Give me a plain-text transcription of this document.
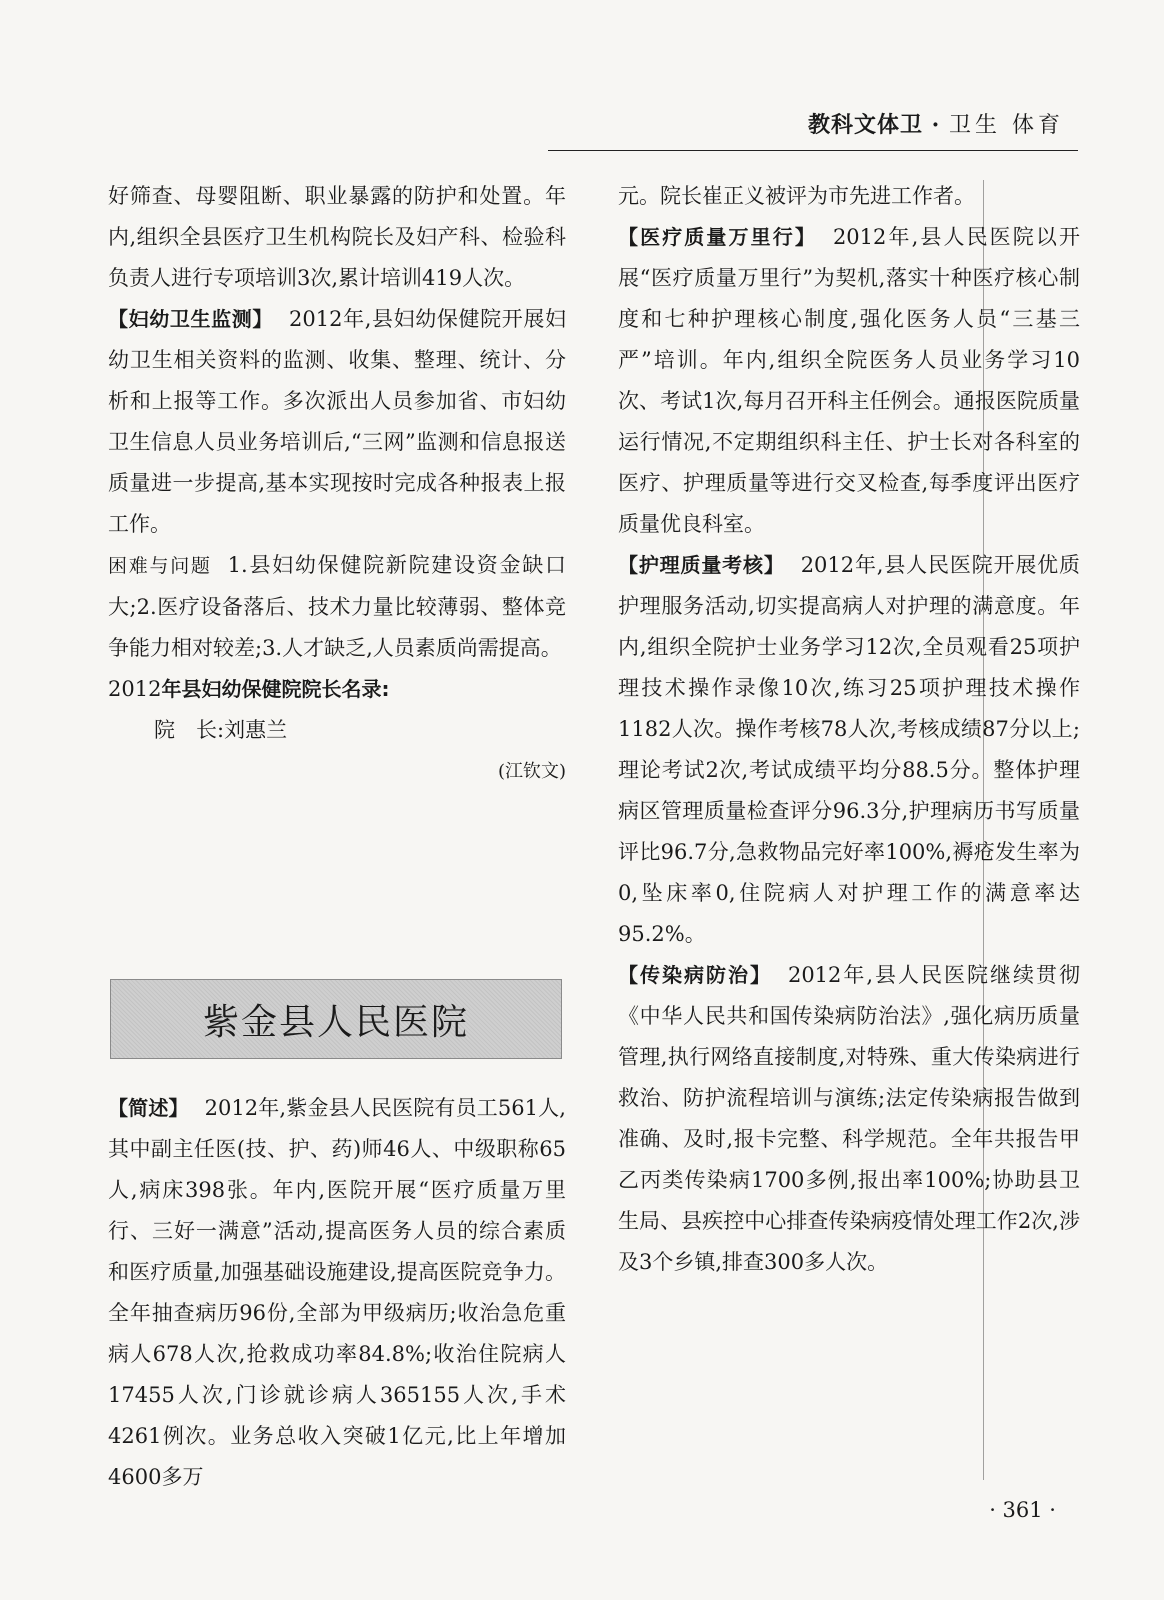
教科文体卫 · 卫生 体育

好筛查、母婴阻断、职业暴露的防护和处置。年内,组织全县医疗卫生机构院长及妇产科、检验科负责人进行专项培训3次,累计培训419人次。

【妇幼卫生监测】 2012年,县妇幼保健院开展妇幼卫生相关资料的监测、收集、整理、统计、分析和上报等工作。多次派出人员参加省、市妇幼卫生信息人员业务培训后,“三网”监测和信息报送质量进一步提高,基本实现按时完成各种报表上报工作。

困难与问题 1.县妇幼保健院新院建设资金缺口大;2.医疗设备落后、技术力量比较薄弱、整体竞争能力相对较差;3.人才缺乏,人员素质尚需提高。

2012年县妇幼保健院院长名录:

院　长:刘惠兰

(江钦文)

紫金县人民医院

【简述】 2012年,紫金县人民医院有员工561人,其中副主任医(技、护、药)师46人、中级职称65人,病床398张。年内,医院开展“医疗质量万里行、三好一满意”活动,提高医务人员的综合素质和医疗质量,加强基础设施建设,提高医院竞争力。全年抽查病历96份,全部为甲级病历;收治急危重病人678人次,抢救成功率84.8%;收治住院病人17455人次,门诊就诊病人365155人次,手术4261例次。业务总收入突破1亿元,比上年增加4600多万

元。院长崔正义被评为市先进工作者。

【医疗质量万里行】 2012年,县人民医院以开展“医疗质量万里行”为契机,落实十种医疗核心制度和七种护理核心制度,强化医务人员“三基三严”培训。年内,组织全院医务人员业务学习10次、考试1次,每月召开科主任例会。通报医院质量运行情况,不定期组织科主任、护士长对各科室的医疗、护理质量等进行交叉检查,每季度评出医疗质量优良科室。

【护理质量考核】 2012年,县人民医院开展优质护理服务活动,切实提高病人对护理的满意度。年内,组织全院护士业务学习12次,全员观看25项护理技术操作录像10次,练习25项护理技术操作1182人次。操作考核78人次,考核成绩87分以上;理论考试2次,考试成绩平均分88.5分。整体护理病区管理质量检查评分96.3分,护理病历书写质量评比96.7分,急救物品完好率100%,褥疮发生率为0,坠床率0,住院病人对护理工作的满意率达95.2%。

【传染病防治】 2012年,县人民医院继续贯彻《中华人民共和国传染病防治法》,强化病历质量管理,执行网络直接制度,对特殊、重大传染病进行救治、防护流程培训与演练;法定传染病报告做到准确、及时,报卡完整、科学规范。全年共报告甲乙丙类传染病1700多例,报出率100%;协助县卫生局、县疾控中心排查传染病疫情处理工作2次,涉及3个乡镇,排查300多人次。

· 361 ·
